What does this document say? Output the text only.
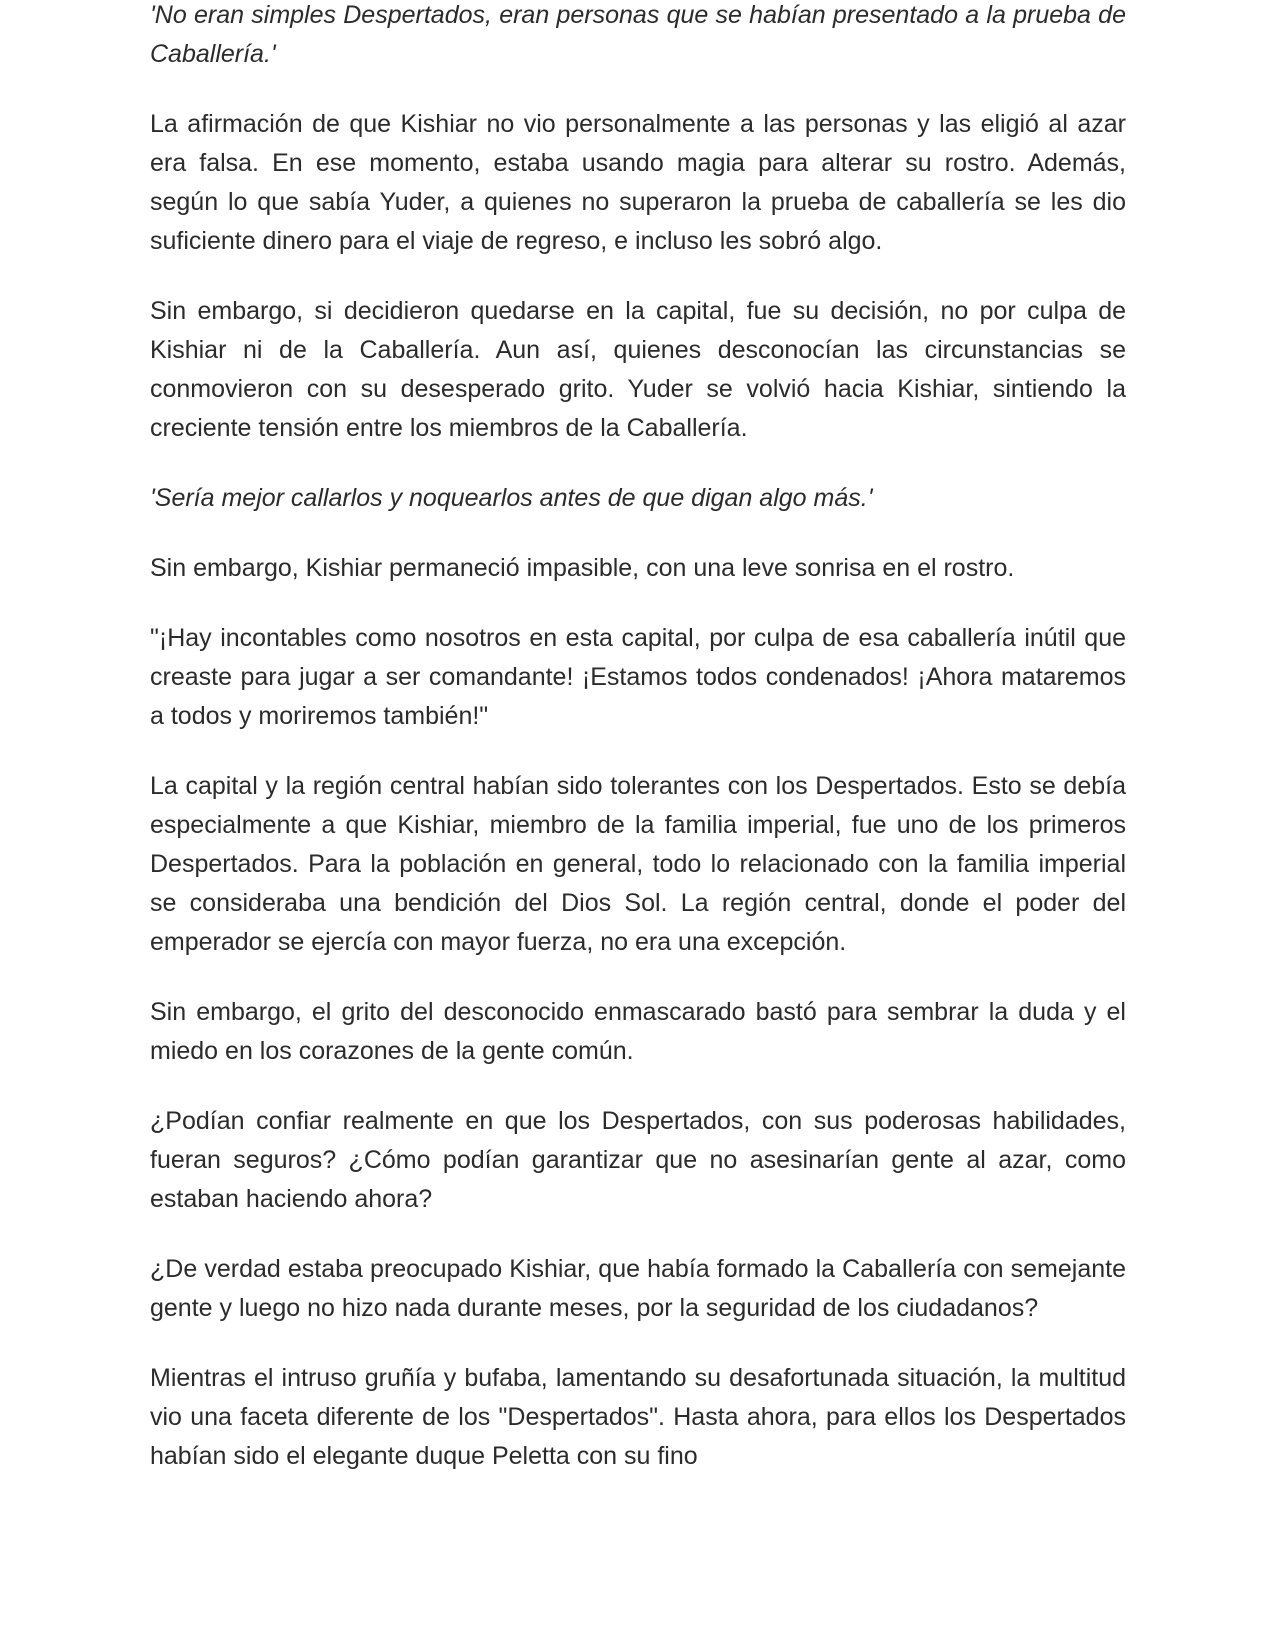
'No eran simples Despertados, eran personas que se habían presentado a la prueba de Caballería.'

La afirmación de que Kishiar no vio personalmente a las personas y las eligió al azar era falsa. En ese momento, estaba usando magia para alterar su rostro. Además, según lo que sabía Yuder, a quienes no superaron la prueba de caballería se les dio suficiente dinero para el viaje de regreso, e incluso les sobró algo.

Sin embargo, si decidieron quedarse en la capital, fue su decisión, no por culpa de Kishiar ni de la Caballería. Aun así, quienes desconocían las circunstancias se conmovieron con su desesperado grito. Yuder se volvió hacia Kishiar, sintiendo la creciente tensión entre los miembros de la Caballería.

'Sería mejor callarlos y noquearlos antes de que digan algo más.'

Sin embargo, Kishiar permaneció impasible, con una leve sonrisa en el rostro.

"¡Hay incontables como nosotros en esta capital, por culpa de esa caballería inútil que creaste para jugar a ser comandante! ¡Estamos todos condenados! ¡Ahora mataremos a todos y moriremos también!"

La capital y la región central habían sido tolerantes con los Despertados. Esto se debía especialmente a que Kishiar, miembro de la familia imperial, fue uno de los primeros Despertados. Para la población en general, todo lo relacionado con la familia imperial se consideraba una bendición del Dios Sol. La región central, donde el poder del emperador se ejercía con mayor fuerza, no era una excepción.

Sin embargo, el grito del desconocido enmascarado bastó para sembrar la duda y el miedo en los corazones de la gente común.

¿Podían confiar realmente en que los Despertados, con sus poderosas habilidades, fueran seguros? ¿Cómo podían garantizar que no asesinarían gente al azar, como estaban haciendo ahora?

¿De verdad estaba preocupado Kishiar, que había formado la Caballería con semejante gente y luego no hizo nada durante meses, por la seguridad de los ciudadanos?

Mientras el intruso gruñía y bufaba, lamentando su desafortunada situación, la multitud vio una faceta diferente de los "Despertados". Hasta ahora, para ellos los Despertados habían sido el elegante duque Peletta con su fino
